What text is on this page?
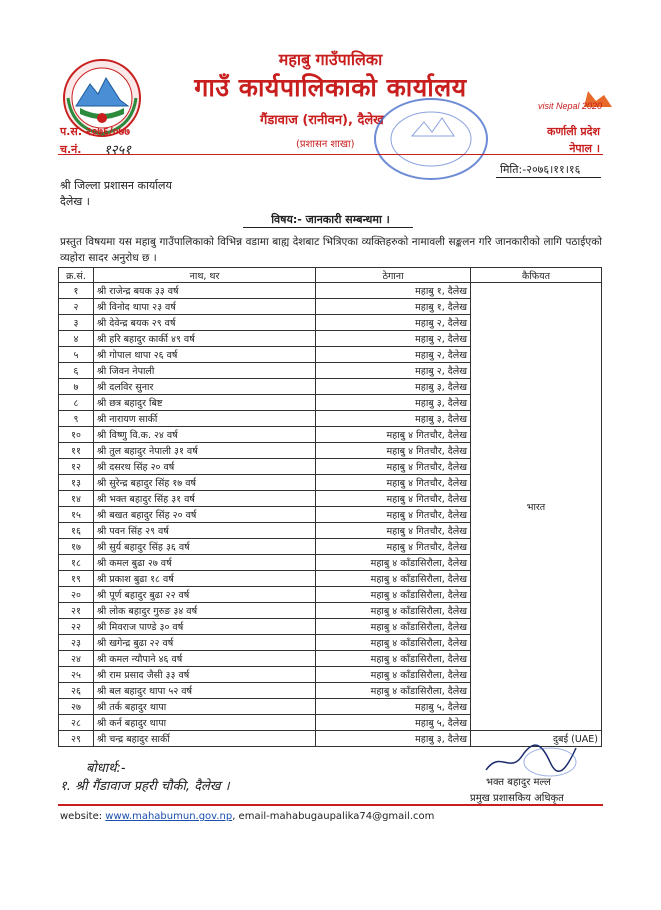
महाबु गाउँपालिका
गाउँ कार्यपालिकाको कार्यालय
गैंडावाज (रानीवन), दैलेख
(प्रशासन शाखा)
प.सं. २०७६/०७७
च.नं. १२५१
visit Nepal 2020
कर्णाली प्रदेश
नेपाल ।
मिति:-२०७६।११।१६
श्री जिल्ला प्रशासन कार्यालय
दैलेख ।
विषय:- जानकारी सम्बन्धमा ।
प्रस्तुत विषयमा यस महाबु गाउँपालिकाको विभिन्न वडामा बाह्य देशबाट भित्रिएका व्यक्तिहरुको नामावली सङ्कलन गरि जानकारीको लागि पठाईएको व्यहोरा सादर अनुरोध छ ।
क्र.सं.	नाथ, थर	ठेगाना	कैफियत
१	श्री राजेन्द्र बयक ३३ वर्ष	महाबु १, दैलेख	भारत
२	श्री विनोद थापा २३ वर्ष	महाबु १, दैलेख	
३	श्री देवेन्द्र बयक २९ वर्ष	महाबु २, दैलेख	
४	श्री हरि बहादुर कार्की ४९ वर्ष	महाबु २, दैलेख	
५	श्री गोपाल थापा २६ वर्ष	महाबु २, दैलेख	
६	श्री जिवन नेपाली	महाबु २, दैलेख	
७	श्री दलविर सुनार	महाबु ३, दैलेख	
८	श्री छत्र बहादुर बिष्ट	महाबु ३, दैलेख	
९	श्री नारायण सार्की	महाबु ३, दैलेख	
१०	श्री विष्णु वि.क. २४ वर्ष	महाबु ४ गितचौर, दैलेख	
११	श्री तुल बहादुर नेपाली ३१ वर्ष	महाबु ४ गितचौर, दैलेख	
१२	श्री दसरथ सिंह २० वर्ष	महाबु ४ गितचौर, दैलेख	
१३	श्री सुरेन्द्र बहादुर सिंह १७ वर्ष	महाबु ४ गितचौर, दैलेख	
१४	श्री भक्त बहादुर सिंह ३१ वर्ष	महाबु ४ गितचौर, दैलेख	
१५	श्री बखत बहादुर सिंह २० वर्ष	महाबु ४ गितचौर, दैलेख	
१६	श्री पवन सिंह २९ वर्ष	महाबु ४ गितचौर, दैलेख	
१७	श्री सुर्य बहादुर सिंह ३६ वर्ष	महाबु ४ गितचौर, दैलेख	
१८	श्री कमल बुढा २७ वर्ष	महाबु ४ काँडासिरौला, दैलेख	
१९	श्री प्रकाश बुढा १८ वर्ष	महाबु ४ काँडासिरौला, दैलेख	
२०	श्री पूर्ण बहादुर बुढा २२ वर्ष	महाबु ४ काँडासिरौला, दैलेख	
२१	श्री लोक बहादुर गुरुङ ३४ वर्ष	महाबु ४ काँडासिरौला, दैलेख	
२२	श्री मिवराज पाण्डे ३० वर्ष	महाबु ४ काँडासिरौला, दैलेख	
२३	श्री खगेन्द्र बुढा २२ वर्ष	महाबु ४ काँडासिरौला, दैलेख	
२४	श्री कमल न्यौपाने ४६ वर्ष	महाबु ४ काँडासिरौला, दैलेख	
२५	श्री राम प्रसाद जैसी ३३ वर्ष	महाबु ४ काँडासिरौला, दैलेख	
२६	श्री बल बहादुर थापा ५२ वर्ष	महाबु ४ काँडासिरौला, दैलेख	
२७	श्री तर्क बहादुर थापा	महाबु ५, दैलेख	
२८	श्री कर्न बहादुर थापा	महाबु ५, दैलेख	
२९	श्री चन्द्र बहादुर सार्की	महाबु ३, दैलेख	दुबई (UAE)
बोधार्थ:-
१. श्री गैंडावाज प्रहरी चौकी, दैलेख ।	भक्त बहादुर मल्ल
प्रमुख प्रशासकिय अधिकृत
website: www.mahabumun.gov.np, email-mahabugaupalika74@gmail.com
